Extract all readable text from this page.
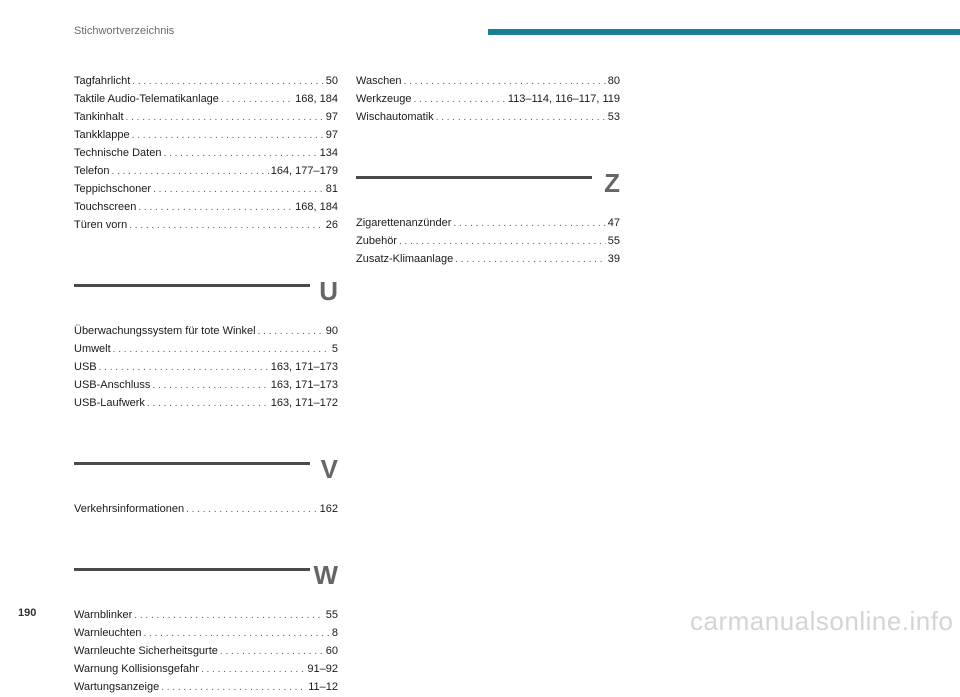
Stichwortverzeichnis
Tagfahrlicht . . .	50
Taktile Audio-Telematikanlage . . .	168, 184
Tankinhalt . . .	97
Tankklappe . . .	97
Technische Daten . . .	134
Telefon . . .	164, 177–179
Teppichschoner . . .	81
Touchscreen . . .	168, 184
Türen vorn . . .	26
U
Überwachungssystem für tote Winkel . . .	90
Umwelt . . .	5
USB . . .	163, 171–173
USB-Anschluss . . .	163, 171–173
USB-Laufwerk . . .	163, 171–172
V
Verkehrsinformationen . . .	162
W
Warnblinker . . .	55
Warnleuchten . . .	8
Warnleuchte Sicherheitsgurte . . .	60
Warnung Kollisionsgefahr . . .	91–92
Wartungsanzeige . . .	11–12
Waschen . . .	80
Werkzeuge . . .	113–114, 116–117, 119
Wischautomatik . . .	53
Z
Zigarettenanzünder . . .	47
Zubehör . . .	55
Zusatz-Klimaanlage . . .	39
190	carmanualsonline.info
